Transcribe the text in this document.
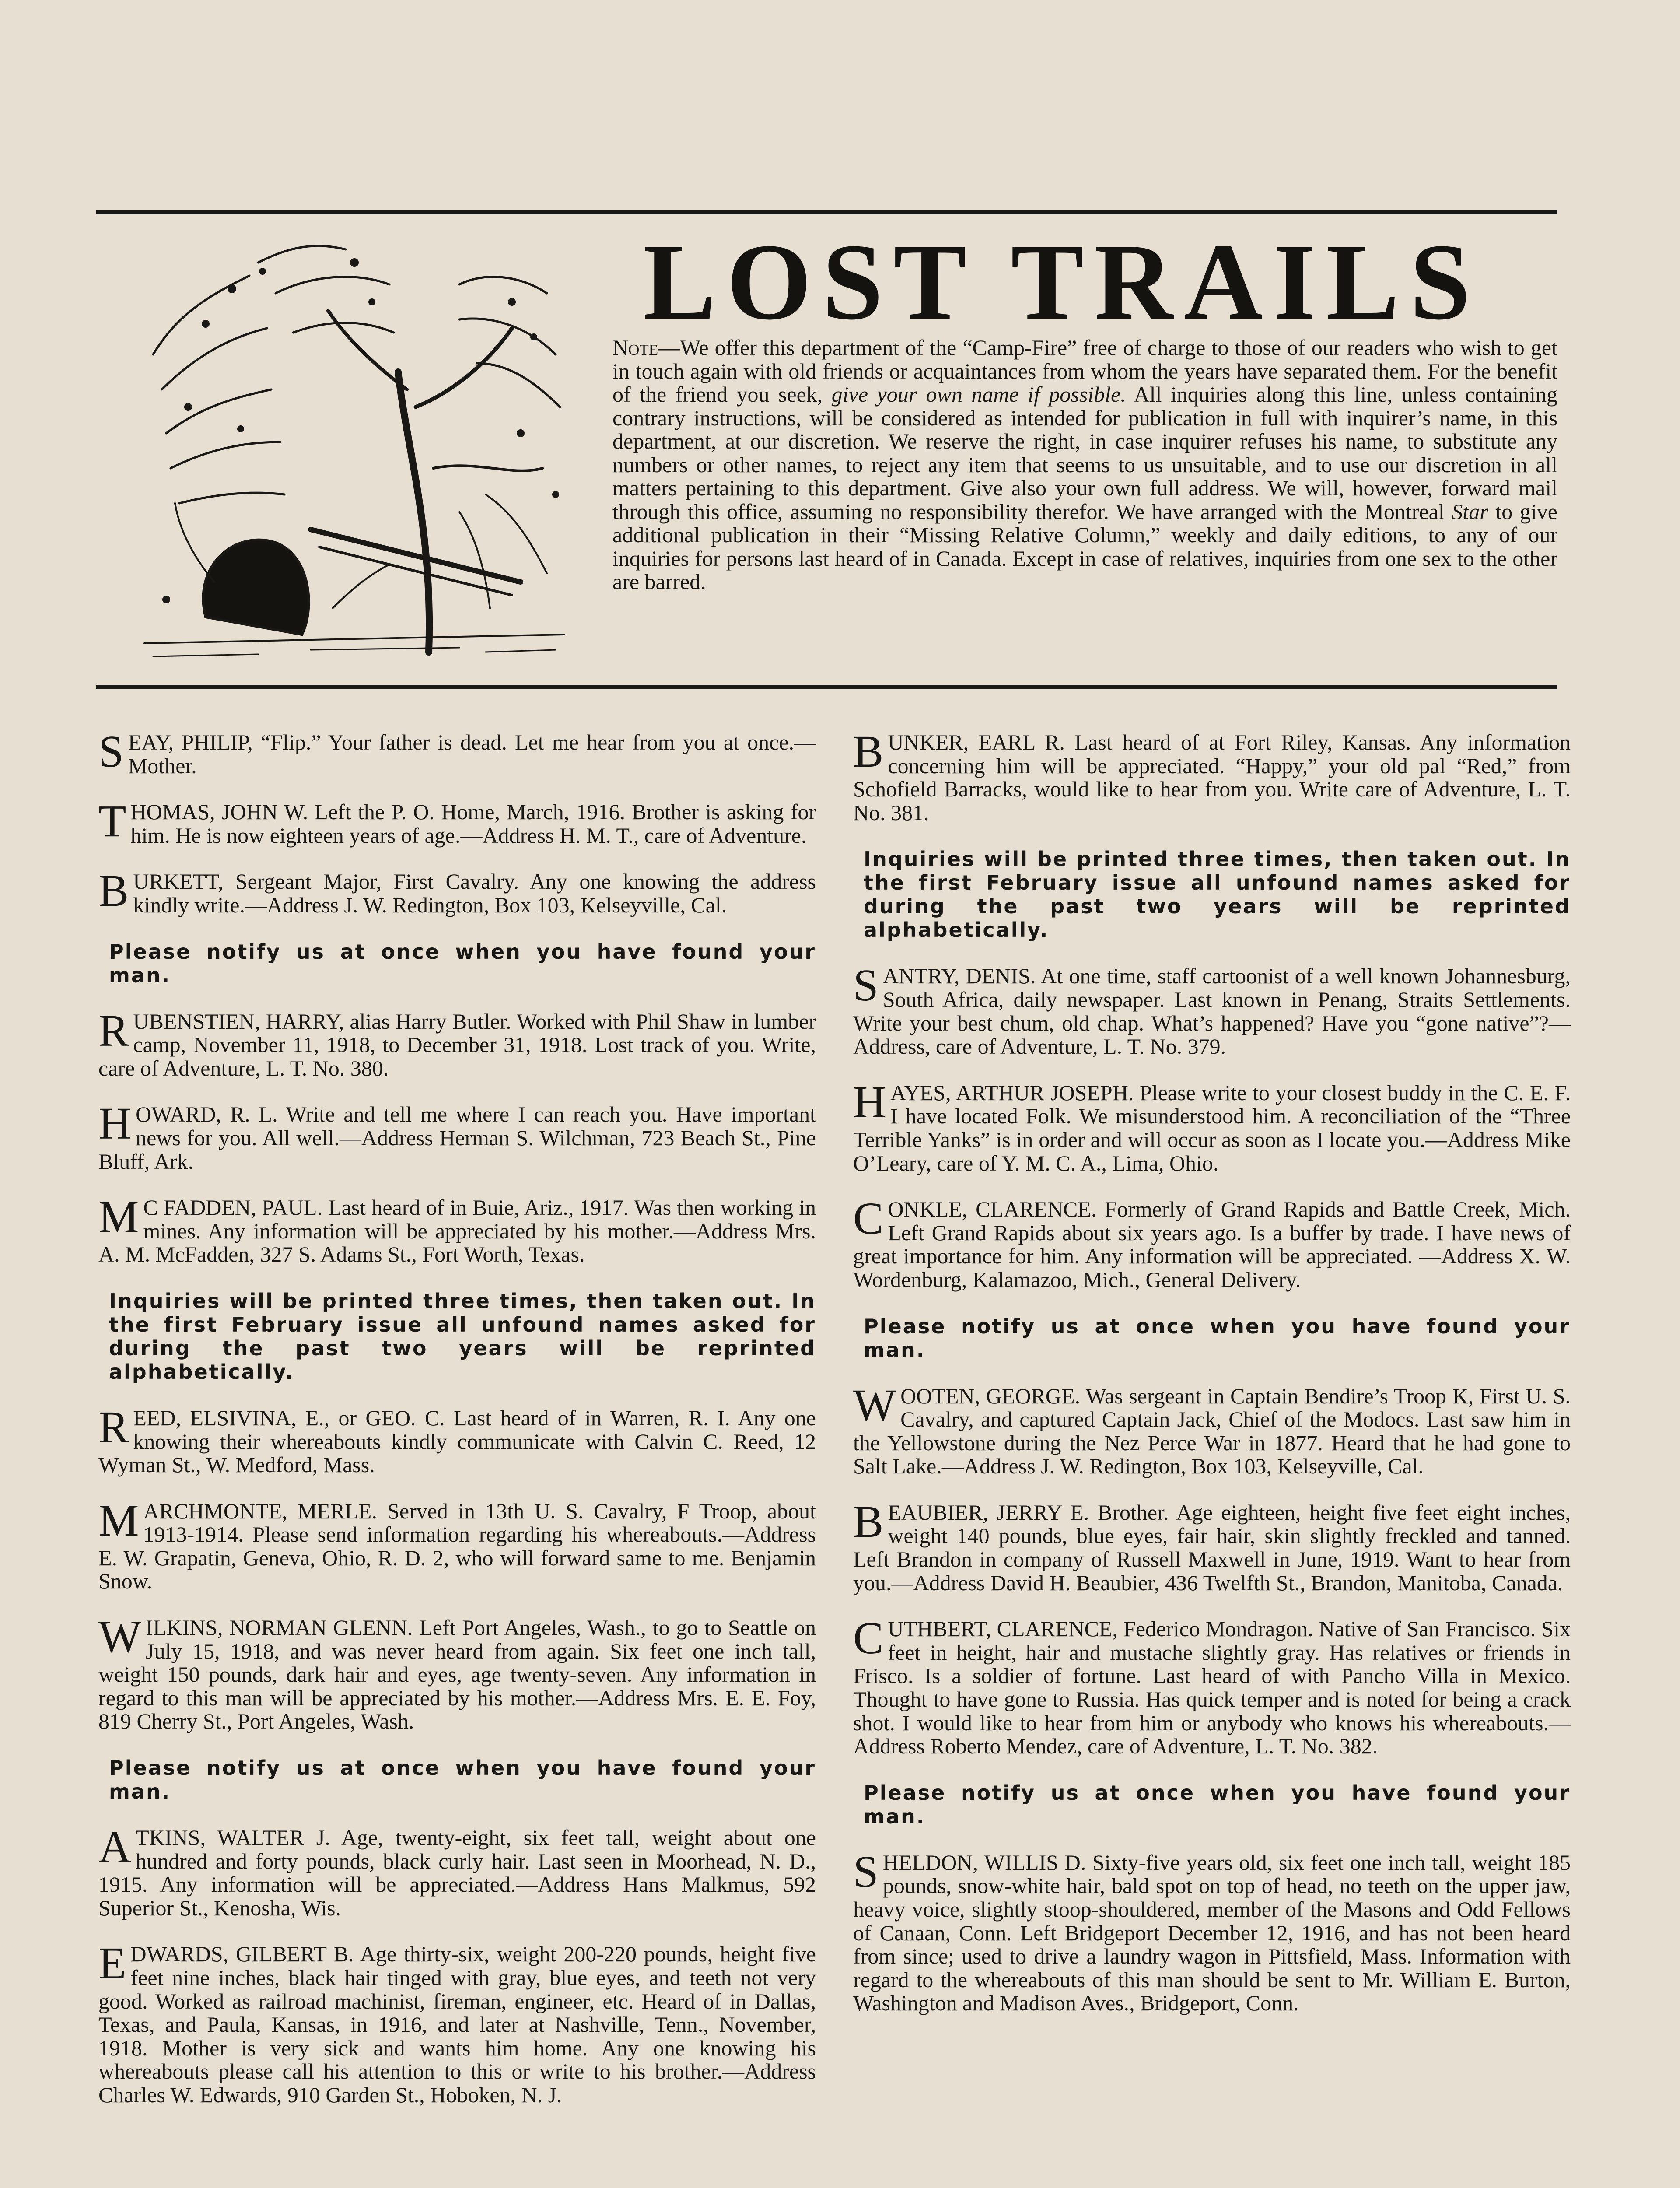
LOST TRAILS

Note—We offer this department of the “Camp-Fire” free of charge to those of our readers who wish to get in touch again with old friends or acquaintances from whom the years have separated them. For the benefit of the friend you seek, give your own name if possible. All inquiries along this line, unless containing contrary instructions, will be considered as intended for publication in full with inquirer’s name, in this department, at our discretion. We reserve the right, in case inquirer refuses his name, to substitute any numbers or other names, to reject any item that seems to us unsuitable, and to use our discretion in all matters pertaining to this department. Give also your own full address. We will, however, forward mail through this office, assuming no responsibility therefor. We have arranged with the Montreal Star to give additional publication in their “Missing Relative Column,” weekly and daily editions, to any of our inquiries for persons last heard of in Canada. Except in case of relatives, inquiries from one sex to the other are barred.

SEAY, PHILIP, “Flip.” Your father is dead. Let me hear from you at once.—Mother.

THOMAS, JOHN W. Left the P. O. Home, March, 1916. Brother is asking for him. He is now eighteen years of age.—Address H. M. T., care of Adventure.

BURKETT, Sergeant Major, First Cavalry. Any one knowing the address kindly write.—Address J. W. Redington, Box 103, Kelseyville, Cal.

Please notify us at once when you have found your man.

RUBENSTIEN, HARRY, alias Harry Butler. Worked with Phil Shaw in lumber camp, November 11, 1918, to December 31, 1918. Lost track of you. Write, care of Adventure, L. T. No. 380.

HOWARD, R. L. Write and tell me where I can reach you. Have important news for you. All well.—Address Herman S. Wilchman, 723 Beach St., Pine Bluff, Ark.

M C FADDEN, PAUL. Last heard of in Buie, Ariz., 1917. Was then working in mines. Any information will be appreciated by his mother.—Address Mrs. A. M. McFadden, 327 S. Adams St., Fort Worth, Texas.

Inquiries will be printed three times, then taken out. In the first February issue all unfound names asked for during the past two years will be reprinted alphabetically.

REED, ELSIVINA, E., or GEO. C. Last heard of in Warren, R. I. Any one knowing their whereabouts kindly communicate with Calvin C. Reed, 12 Wyman St., W. Medford, Mass.

MARCHMONTE, MERLE. Served in 13th U. S. Cavalry, F Troop, about 1913-1914. Please send information regarding his whereabouts.—Address E. W. Grapatin, Geneva, Ohio, R. D. 2, who will forward same to me. Benjamin Snow.

WILKINS, NORMAN GLENN. Left Port Angeles, Wash., to go to Seattle on July 15, 1918, and was never heard from again. Six feet one inch tall, weight 150 pounds, dark hair and eyes, age twenty-seven. Any information in regard to this man will be appreciated by his mother.—Address Mrs. E. E. Foy, 819 Cherry St., Port Angeles, Wash.

Please notify us at once when you have found your man.

ATKINS, WALTER J. Age, twenty-eight, six feet tall, weight about one hundred and forty pounds, black curly hair. Last seen in Moorhead, N. D., 1915. Any information will be appreciated.—Address Hans Malkmus, 592 Superior St., Kenosha, Wis.

EDWARDS, GILBERT B. Age thirty-six, weight 200-220 pounds, height five feet nine inches, black hair tinged with gray, blue eyes, and teeth not very good. Worked as railroad machinist, fireman, engineer, etc. Heard of in Dallas, Texas, and Paula, Kansas, in 1916, and later at Nashville, Tenn., November, 1918. Mother is very sick and wants him home. Any one knowing his whereabouts please call his attention to this or write to his brother.—Address Charles W. Edwards, 910 Garden St., Hoboken, N. J.

BUNKER, EARL R. Last heard of at Fort Riley, Kansas. Any information concerning him will be appreciated. “Happy,” your old pal “Red,” from Schofield Barracks, would like to hear from you. Write care of Adventure, L. T. No. 381.

Inquiries will be printed three times, then taken out. In the first February issue all unfound names asked for during the past two years will be reprinted alphabetically.

SANTRY, DENIS. At one time, staff cartoonist of a well known Johannesburg, South Africa, daily newspaper. Last known in Penang, Straits Settlements. Write your best chum, old chap. What’s happened? Have you “gone native”?—Address, care of Adventure, L. T. No. 379.

HAYES, ARTHUR JOSEPH. Please write to your closest buddy in the C. E. F. I have located Folk. We misunderstood him. A reconciliation of the “Three Terrible Yanks” is in order and will occur as soon as I locate you.—Address Mike O’Leary, care of Y. M. C. A., Lima, Ohio.

CONKLE, CLARENCE. Formerly of Grand Rapids and Battle Creek, Mich. Left Grand Rapids about six years ago. Is a buffer by trade. I have news of great importance for him. Any information will be appreciated. —Address X. W. Wordenburg, Kalamazoo, Mich., General Delivery.

Please notify us at once when you have found your man.

WOOTEN, GEORGE. Was sergeant in Captain Bendire’s Troop K, First U. S. Cavalry, and captured Captain Jack, Chief of the Modocs. Last saw him in the Yellowstone during the Nez Perce War in 1877. Heard that he had gone to Salt Lake.—Address J. W. Redington, Box 103, Kelseyville, Cal.

BEAUBIER, JERRY E. Brother. Age eighteen, height five feet eight inches, weight 140 pounds, blue eyes, fair hair, skin slightly freckled and tanned. Left Brandon in company of Russell Maxwell in June, 1919. Want to hear from you.—Address David H. Beaubier, 436 Twelfth St., Brandon, Manitoba, Canada.

CUTHBERT, CLARENCE, Federico Mondragon. Native of San Francisco. Six feet in height, hair and mustache slightly gray. Has relatives or friends in Frisco. Is a soldier of fortune. Last heard of with Pancho Villa in Mexico. Thought to have gone to Russia. Has quick temper and is noted for being a crack shot. I would like to hear from him or anybody who knows his whereabouts.—Address Roberto Mendez, care of Adventure, L. T. No. 382.

Please notify us at once when you have found your man.

SHELDON, WILLIS D. Sixty-five years old, six feet one inch tall, weight 185 pounds, snow-white hair, bald spot on top of head, no teeth on the upper jaw, heavy voice, slightly stoop-shouldered, member of the Masons and Odd Fellows of Canaan, Conn. Left Bridgeport December 12, 1916, and has not been heard from since; used to drive a laundry wagon in Pittsfield, Mass. Information with regard to the whereabouts of this man should be sent to Mr. William E. Burton, Washington and Madison Aves., Bridgeport, Conn.
